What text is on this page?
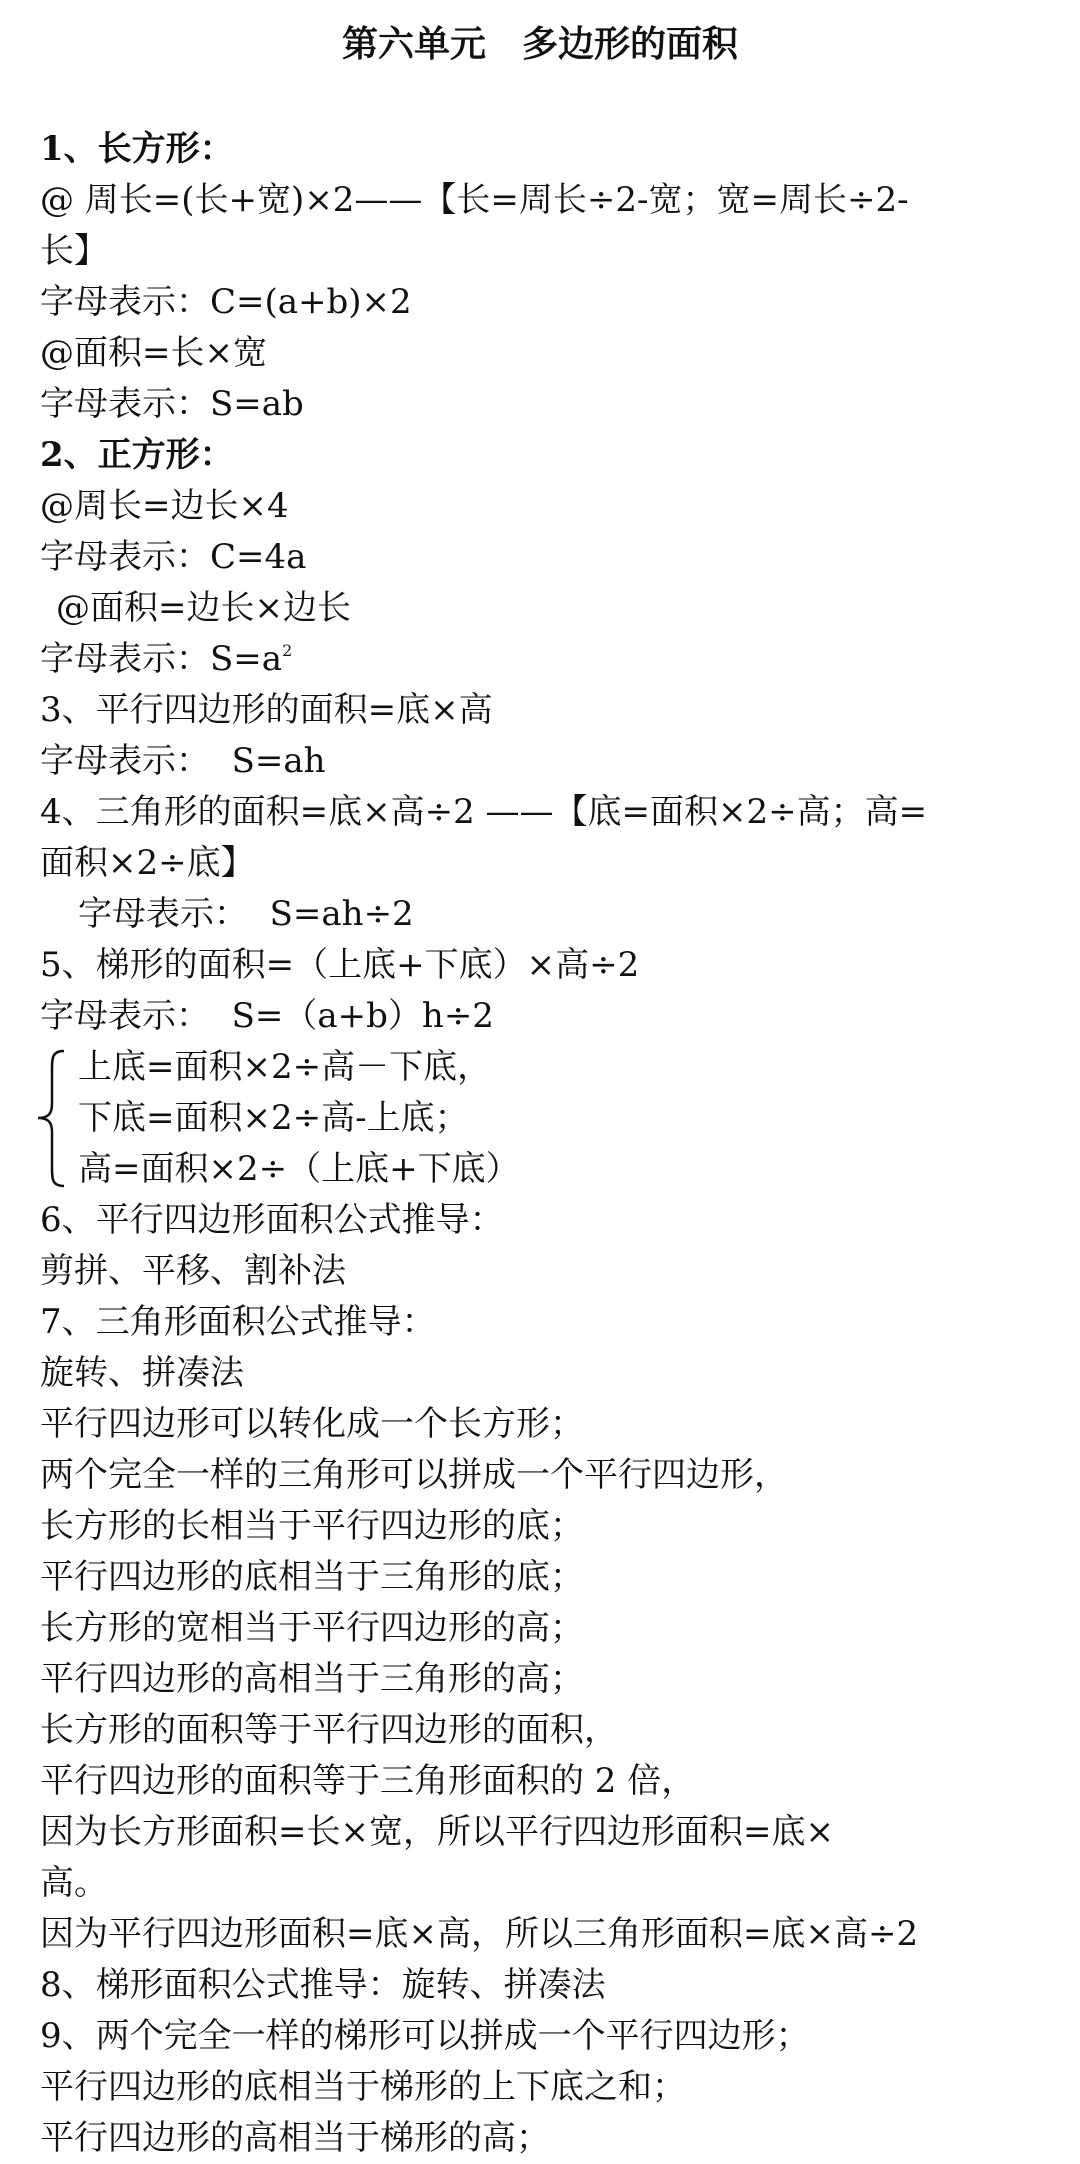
第六单元　多边形的面积
1、长方形：
@ 周长=(长+宽)×2——【长=周长÷2-宽；宽=周长÷2-
长】
字母表示：C=(a+b)×2
@面积=长×宽
字母表示：S=ab
2、正方形：
@周长=边长×4
字母表示：C=4a
@面积=边长×边长
字母表示：$S=a^2$
3、平行四边形的面积=底×高
字母表示：  S=ah
4、三角形的面积=底×高÷2 ——【底=面积×2÷高；高=
面积×2÷底】
字母表示：  S=ah÷2
5、梯形的面积=（上底+下底）×高÷2
字母表示：  S=（a+b）h÷2
上底=面积×2÷高－下底，
下底=面积×2÷高-上底；
高=面积×2÷（上底+下底）
6、平行四边形面积公式推导：
剪拼、平移、割补法
7、三角形面积公式推导：
旋转、拼凑法
平行四边形可以转化成一个长方形；
两个完全一样的三角形可以拼成一个平行四边形，
长方形的长相当于平行四边形的底；
平行四边形的底相当于三角形的底；
长方形的宽相当于平行四边形的高；
平行四边形的高相当于三角形的高；
长方形的面积等于平行四边形的面积，
平行四边形的面积等于三角形面积的 2 倍，
因为长方形面积=长×宽，所以平行四边形面积=底×
高。
因为平行四边形面积=底×高，所以三角形面积=底×高÷2
8、梯形面积公式推导：旋转、拼凑法
9、两个完全一样的梯形可以拼成一个平行四边形；
平行四边形的底相当于梯形的上下底之和；
平行四边形的高相当于梯形的高；
